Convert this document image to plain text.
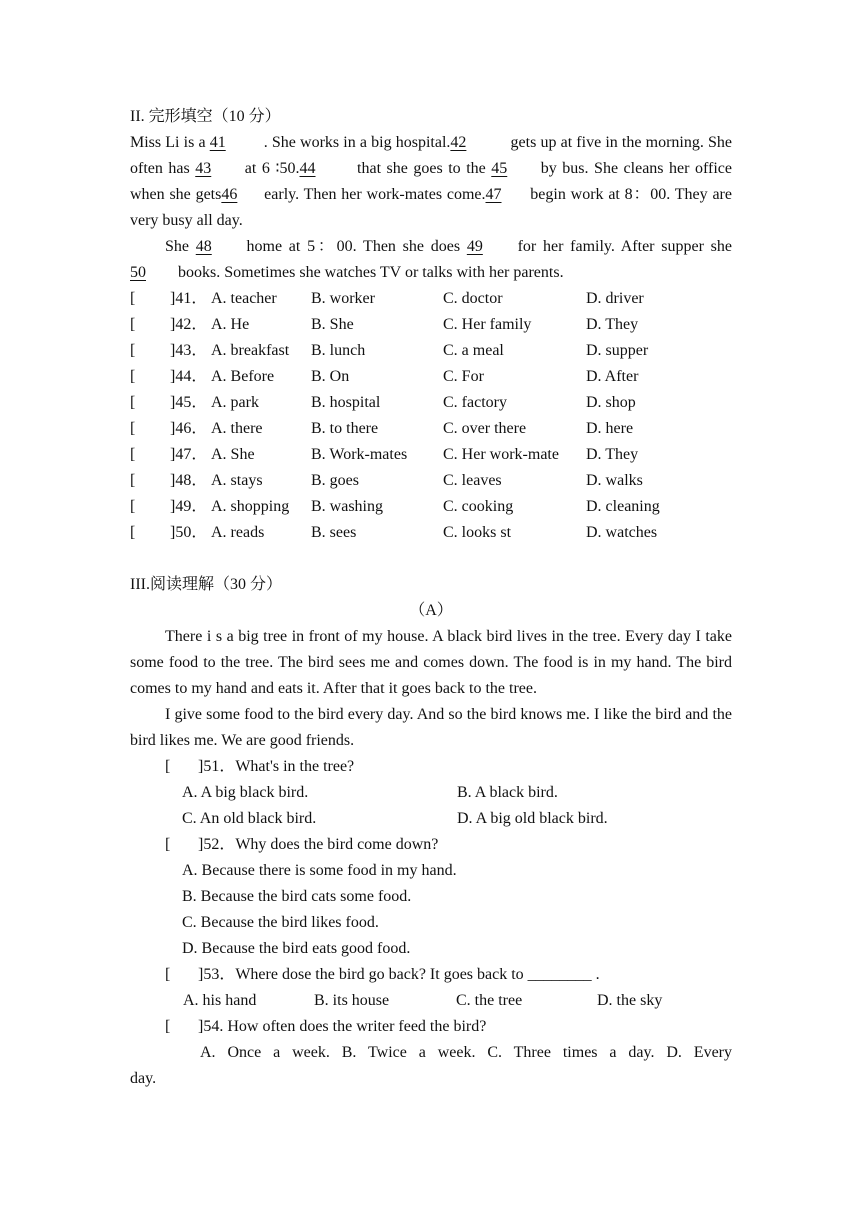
II. 完形填空（10 分）
Miss Li is a 41 . She works in a big hospital.42	gets up at five in the morning. She often has 43 at 6 ∶50.44 that she goes to the 45 by bus. She cleans her office when she gets46 early. Then her work-mates come.47 begin work at 8：00. They are very busy all day.
She 48 home at 5：00. Then she does 49 for her family. After supper she 50 books. Sometimes she watches TV or talks with her parents.
[	]41． A. teacher	B. worker	C. doctor	D. driver
[	]42． A. He	B. She	C. Her family	D. They
[	]43． A. breakfast	B. lunch	C. a meal	D. supper
[	]44． A. Before	B. On	C. For	D. After
[	]45． A. park	B. hospital	C. factory	D. shop
[	]46． A. there	B. to there	C. over there	D. here
[	]47． A. She	B. Work-mates	C. Her work-mate	D. They
[	]48． A. stays	B. goes	C. leaves	D. walks
[	]49． A. shopping	B. washing	C. cooking	D. cleaning
[	]50． A. reads	B. sees	C. looks st	D. watches
III.阅读理解（30 分）
（A）
There i s a big tree in front of my house. A black bird lives in the tree. Every day I take some food to the tree. The bird sees me and comes down. The food is in my hand. The bird comes to my hand and eats it. After that it goes back to the tree.
I give some food to the bird every day. And so the bird knows me. I like the bird and the bird likes me. We are good friends.
[ ]51．What's in the tree?
A. A big black bird.	B. A black bird.
C. An old black bird.	D. A big old black bird.
[ ]52．Why does the bird come down?
A. Because there is some food in my hand.
B. Because the bird cats some food.
C. Because the bird likes food.
D. Because the bird eats good food.
[ ]53．Where dose the bird go back? It goes back to ________ .
A. his hand	B. its house	C. the tree	D. the sky
[ ]54. How often does the writer feed the bird?
A. Once a week. B. Twice a week. C. Three times a day. D. Every
day.
